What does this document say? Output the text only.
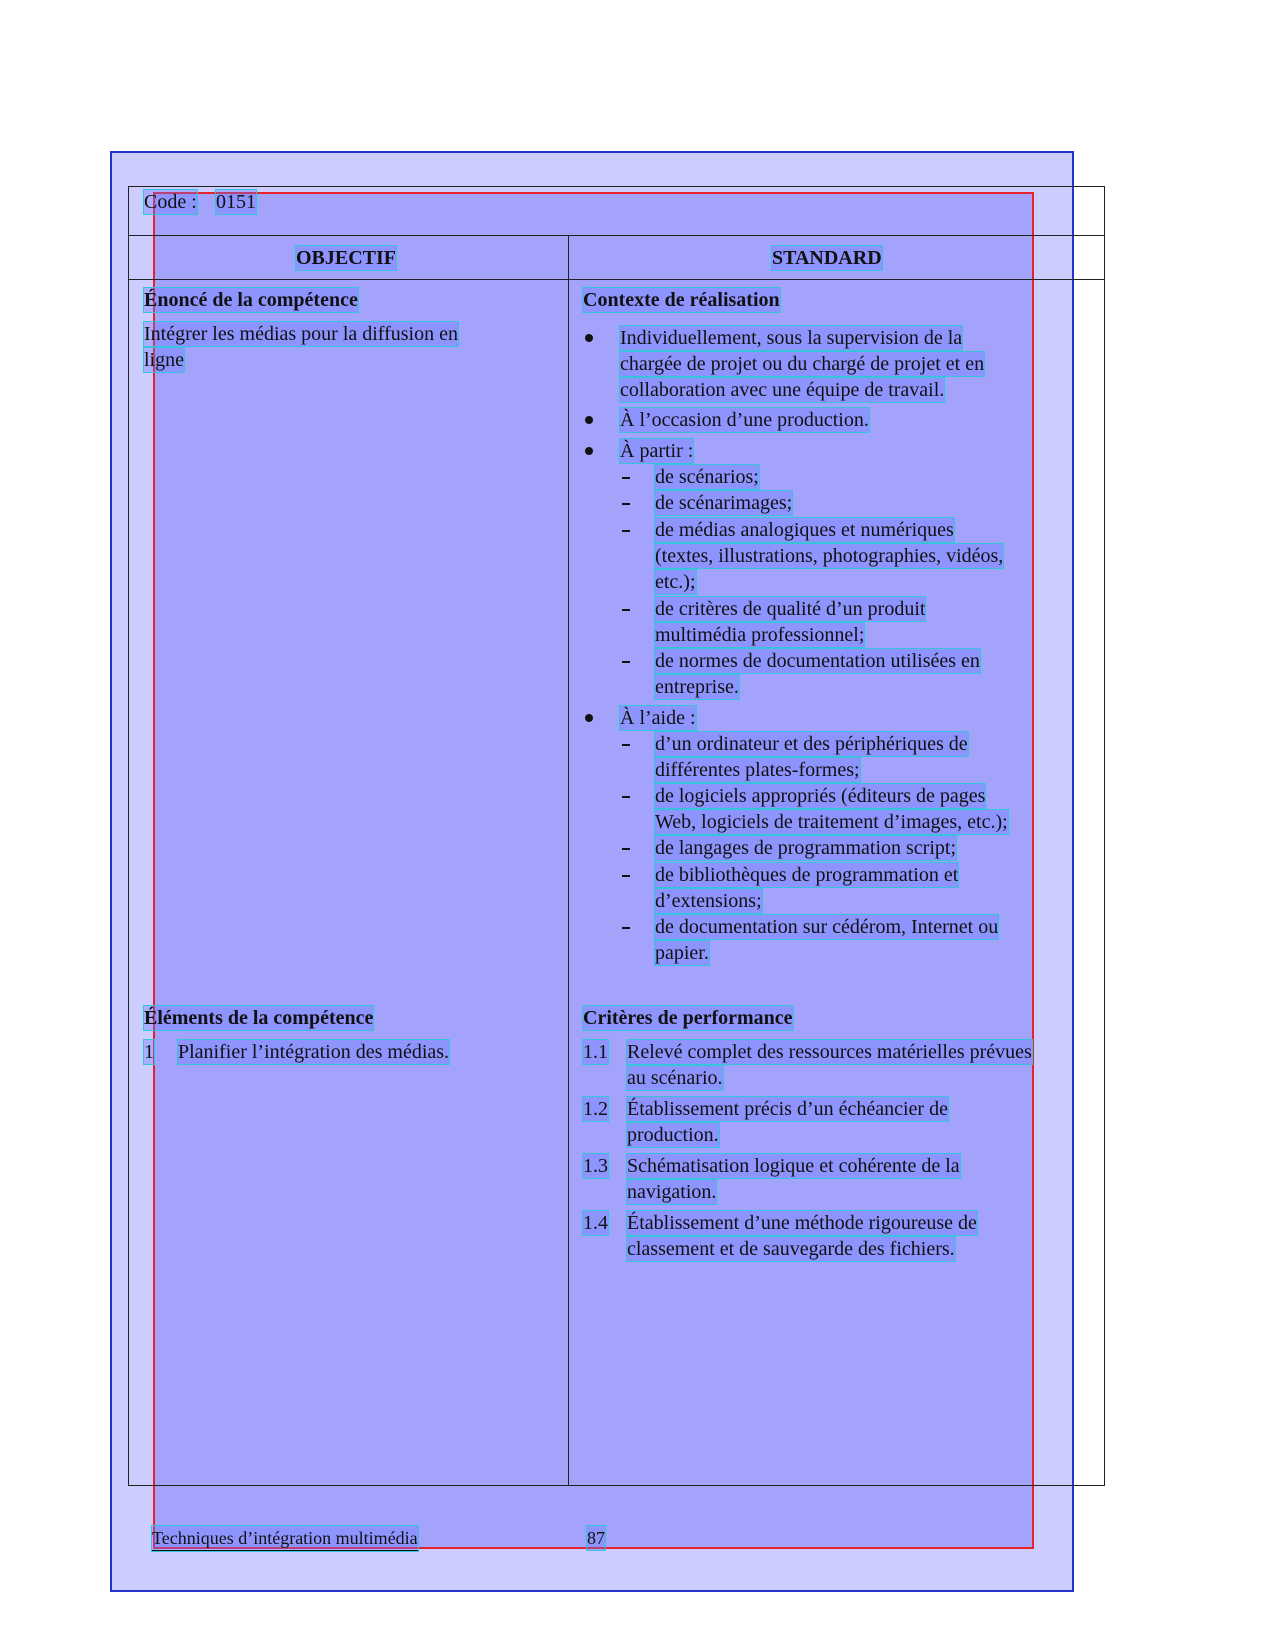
Code : 0151
OBJECTIF	STANDARD
Énoncé de la compétence
Intégrer les médias pour la diffusion en
ligne
Contexte de réalisation
Individuellement, sous la supervision de la
chargée de projet ou du chargé de projet et en
collaboration avec une équipe de travail.
À l’occasion d’une production.
À partir :
de scénarios;
de scénarimages;
de médias analogiques et numériques
(textes, illustrations, photographies, vidéos,
etc.);
de critères de qualité d’un produit
multimédia professionnel;
de normes de documentation utilisées en
entreprise.
À l’aide :
d’un ordinateur et des périphériques de
différentes plates-formes;
de logiciels appropriés (éditeurs de pages
Web, logiciels de traitement d’images, etc.);
de langages de programmation script;
de bibliothèques de programmation et
d’extensions;
de documentation sur cédérom, Internet ou
papier.
Éléments de la compétence
1 Planifier l’intégration des médias.
Critères de performance
1.1 Relevé complet des ressources matérielles prévues
au scénario.
1.2 Établissement précis d’un échéancier de
production.
1.3 Schématisation logique et cohérente de la
navigation.
1.4 Établissement d’une méthode rigoureuse de
classement et de sauvegarde des fichiers.
Techniques d’intégration multimédia	87
